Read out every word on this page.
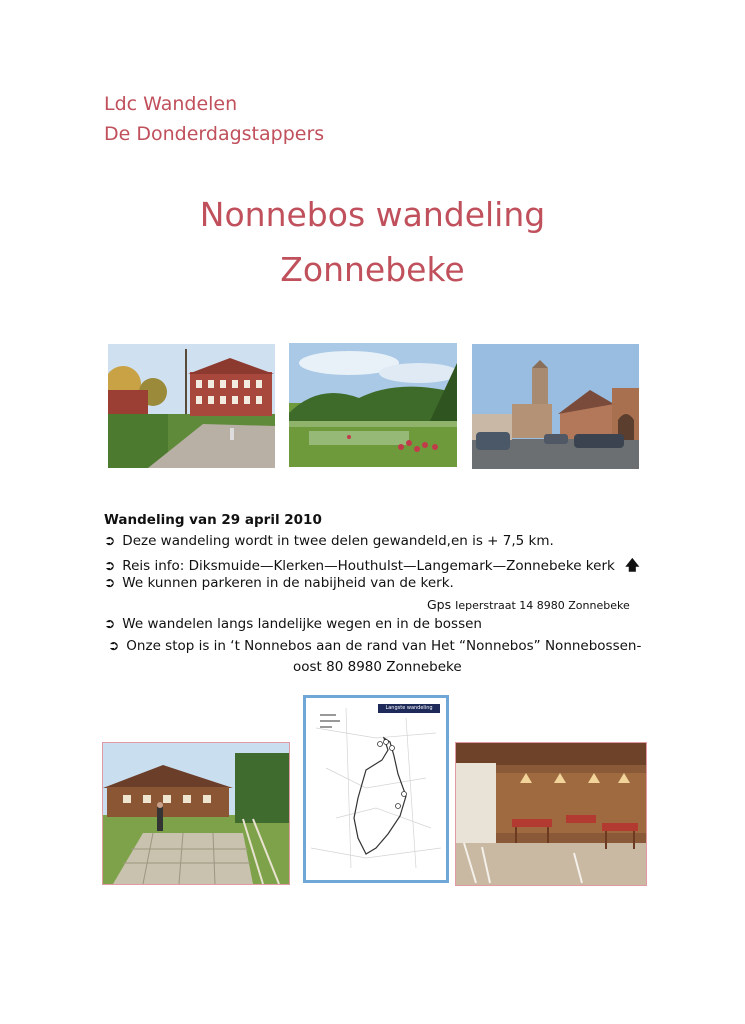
Ldc Wandelen
De Donderdagstappers
Nonnebos wandeling
Zonnebeke
Wandeling van 29 april 2010
➲ Deze wandeling wordt in twee delen gewandeld,en is + 7,5 km.
➲ Reis info: Diksmuide—Klerken—Houthulst—Langemark—Zonnebeke kerk 🡅
➲ We kunnen parkeren in de nabijheid van de kerk.
Gps Ieperstraat 14 8980 Zonnebeke
➲ We wandelen langs landelijke wegen en in de bossen
➲ Onze stop is in ‘t Nonnebos aan de rand van Het “Nonnebos” Nonnebossen-
oost 80 8980 Zonnebeke
Langste wandeling
